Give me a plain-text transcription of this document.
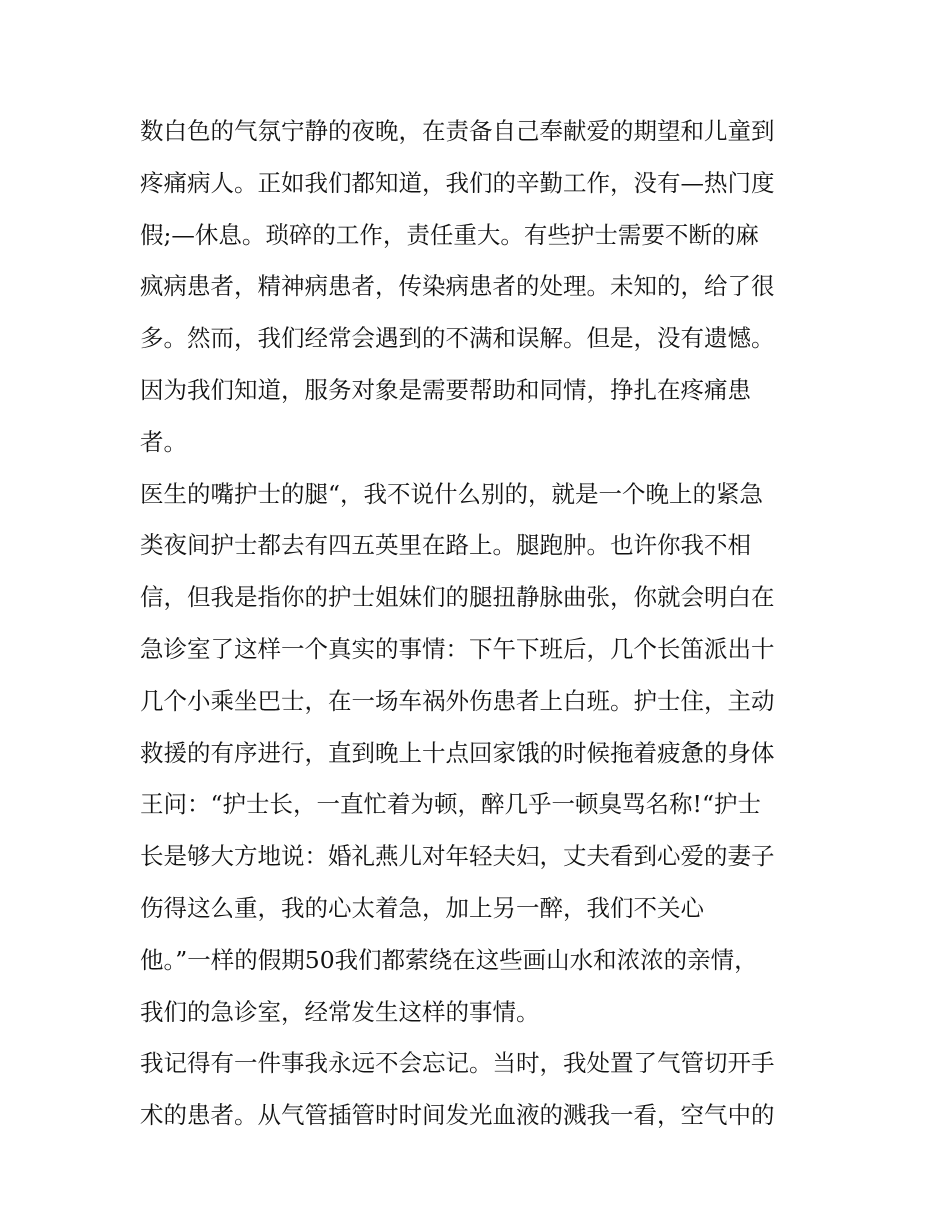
数白色的气氛宁静的夜晚，在责备自己奉献爱的期望和儿童到
疼痛病人。正如我们都知道，我们的辛勤工作，没有—热门度
假;—休息。琐碎的工作，责任重大。有些护士需要不断的麻
疯病患者，精神病患者，传染病患者的处理。未知的，给了很
多。然而，我们经常会遇到的不满和误解。但是，没有遗憾。
因为我们知道，服务对象是需要帮助和同情，挣扎在疼痛患
者。
医生的嘴护士的腿“，我不说什么别的，就是一个晚上的紧急
类夜间护士都去有四五英里在路上。腿跑肿。也许你我不相
信，但我是指你的护士姐妹们的腿扭静脉曲张，你就会明白在
急诊室了这样一个真实的事情：下午下班后，几个长笛派出十
几个小乘坐巴士，在一场车祸外伤患者上白班。护士住，主动
救援的有序进行，直到晚上十点回家饿的时候拖着疲惫的身体
王问：“护士长，一直忙着为顿，醉几乎一顿臭骂名称!“护士
长是够大方地说：婚礼燕儿对年轻夫妇，丈夫看到心爱的妻子
伤得这么重，我的心太着急，加上另一醉，我们不关心
他。”一样的假期50我们都萦绕在这些画山水和浓浓的亲情，
我们的急诊室，经常发生这样的事情。
我记得有一件事我永远不会忘记。当时，我处置了气管切开手
术的患者。从气管插管时时间发光血液的溅我一看，空气中的
